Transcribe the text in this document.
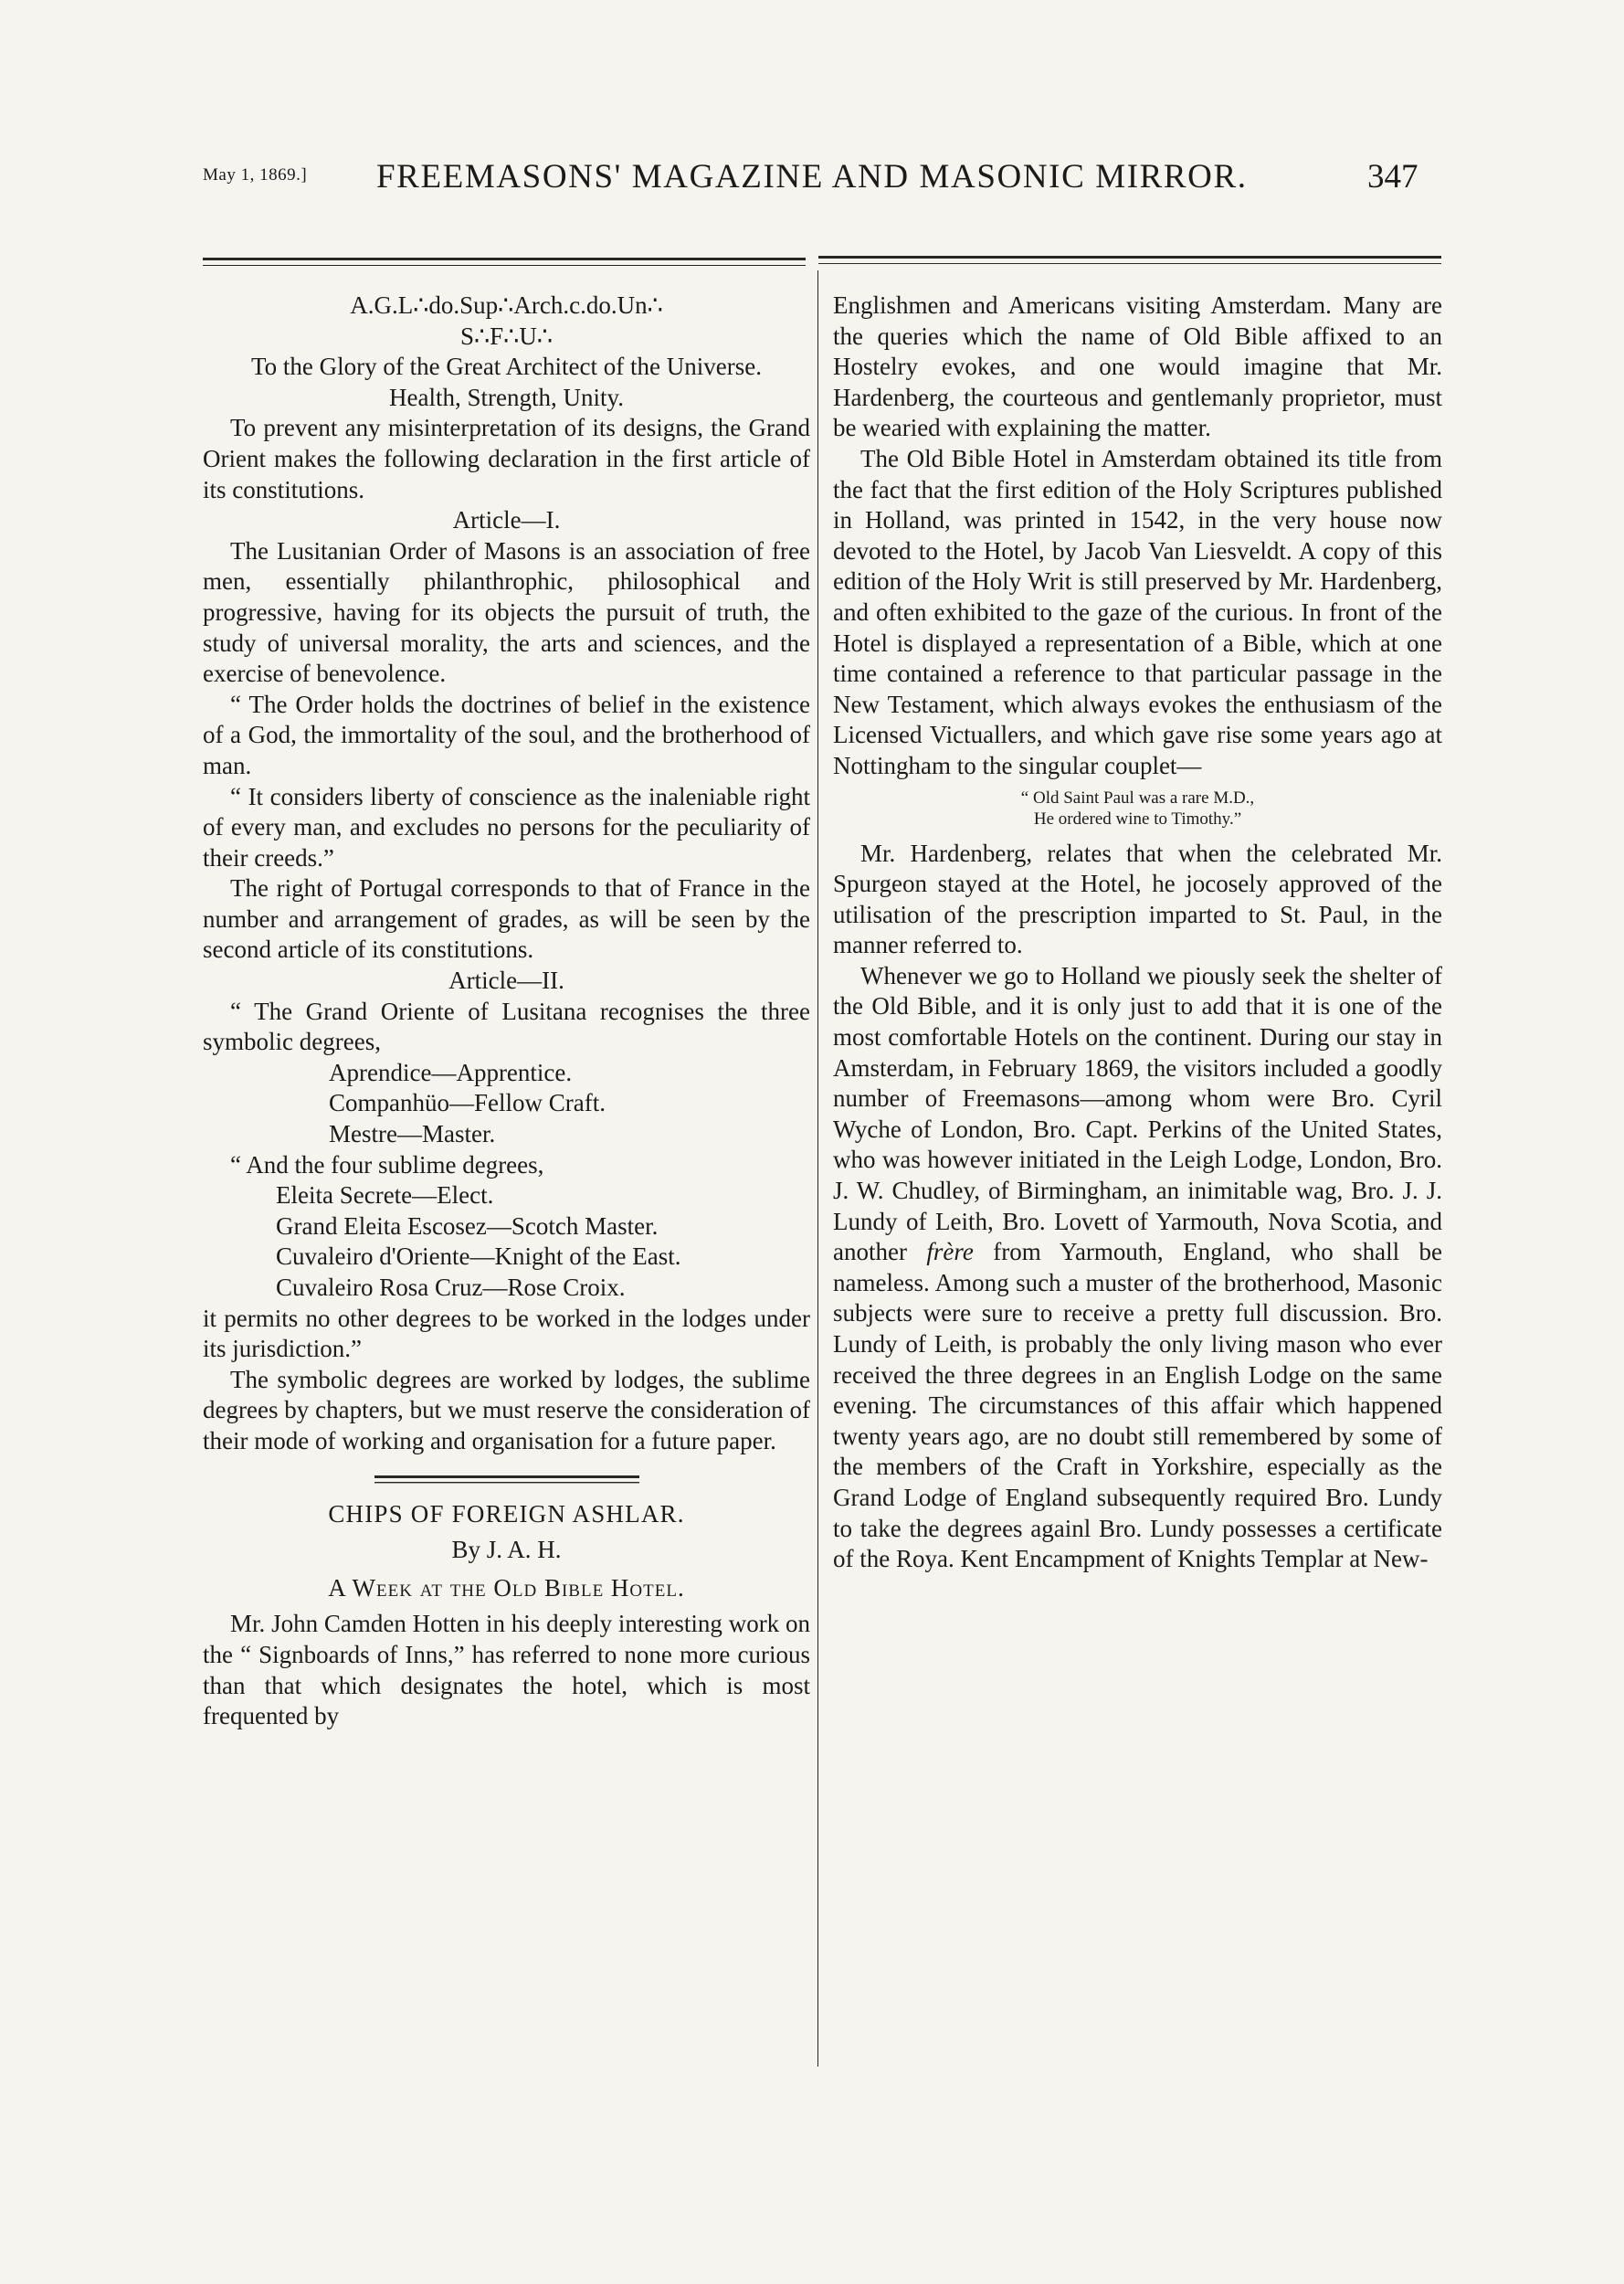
May 1, 1869.] FREEMASONS' MAGAZINE AND MASONIC MIRROR.	347

A.G.L∴do.Sup∴Arch.c.do.Un∴

S∴F∴U∴

To the Glory of the Great Architect of the Universe.

Health, Strength, Unity.

To prevent any misinterpretation of its designs, the Grand Orient makes the following declaration in the first article of its constitutions.

Article—I.

The Lusitanian Order of Masons is an association of free men, essentially philanthrophic, philosophical and progressive, having for its objects the pursuit of truth, the study of universal morality, the arts and sciences, and the exercise of benevolence.

“ The Order holds the doctrines of belief in the existence of a God, the immortality of the soul, and the brotherhood of man.

“ It considers liberty of conscience as the inaleniable right of every man, and excludes no persons for the peculiarity of their creeds.”

The right of Portugal corresponds to that of France in the number and arrangement of grades, as will be seen by the second article of its constitutions.

Article—II.

“ The Grand Oriente of Lusitana recognises the three symbolic degrees,

Aprendice—Apprentice.

Companhüo—Fellow Craft.

Mestre—Master.

“ And the four sublime degrees,

Eleita Secrete—Elect.

Grand Eleita Escosez—Scotch Master.

Cuvaleiro d'Oriente—Knight of the East.

Cuvaleiro Rosa Cruz—Rose Croix.

it permits no other degrees to be worked in the lodges under its jurisdiction.”

The symbolic degrees are worked by lodges, the sublime degrees by chapters, but we must reserve the consideration of their mode of working and organisation for a future paper.

CHIPS OF FOREIGN ASHLAR.

By J. A. H.

A Week at the Old Bible Hotel.

Mr. John Camden Hotten in his deeply interesting work on the “ Signboards of Inns,” has referred to none more curious than that which designates the hotel, which is most frequented by

Englishmen and Americans visiting Amsterdam. Many are the queries which the name of Old Bible affixed to an Hostelry evokes, and one would imagine that Mr. Hardenberg, the courteous and gentlemanly proprietor, must be wearied with explaining the matter.

The Old Bible Hotel in Amsterdam obtained its title from the fact that the first edition of the Holy Scriptures published in Holland, was printed in 1542, in the very house now devoted to the Hotel, by Jacob Van Liesveldt. A copy of this edition of the Holy Writ is still preserved by Mr. Hardenberg, and often exhibited to the gaze of the curious. In front of the Hotel is displayed a representation of a Bible, which at one time contained a reference to that particular passage in the New Testament, which always evokes the enthusiasm of the Licensed Victuallers, and which gave rise some years ago at Nottingham to the singular couplet—

“ Old Saint Paul was a rare M.D.,

He ordered wine to Timothy.”

Mr. Hardenberg, relates that when the celebrated Mr. Spurgeon stayed at the Hotel, he jocosely approved of the utilisation of the prescription imparted to St. Paul, in the manner referred to.

Whenever we go to Holland we piously seek the shelter of the Old Bible, and it is only just to add that it is one of the most comfortable Hotels on the continent. During our stay in Amsterdam, in February 1869, the visitors included a goodly number of Freemasons—among whom were Bro. Cyril Wyche of London, Bro. Capt. Perkins of the United States, who was however initiated in the Leigh Lodge, London, Bro. J. W. Chudley, of Birmingham, an inimitable wag, Bro. J. J. Lundy of Leith, Bro. Lovett of Yarmouth, Nova Scotia, and another frère from Yarmouth, England, who shall be nameless. Among such a muster of the brotherhood, Masonic subjects were sure to receive a pretty full discussion. Bro. Lundy of Leith, is probably the only living mason who ever received the three degrees in an English Lodge on the same evening. The circumstances of this affair which happened twenty years ago, are no doubt still remembered by some of the members of the Craft in Yorkshire, especially as the Grand Lodge of England subsequently required Bro. Lundy to take the degrees againl Bro. Lundy possesses a certificate of the Roya. Kent Encampment of Knights Templar at New-
